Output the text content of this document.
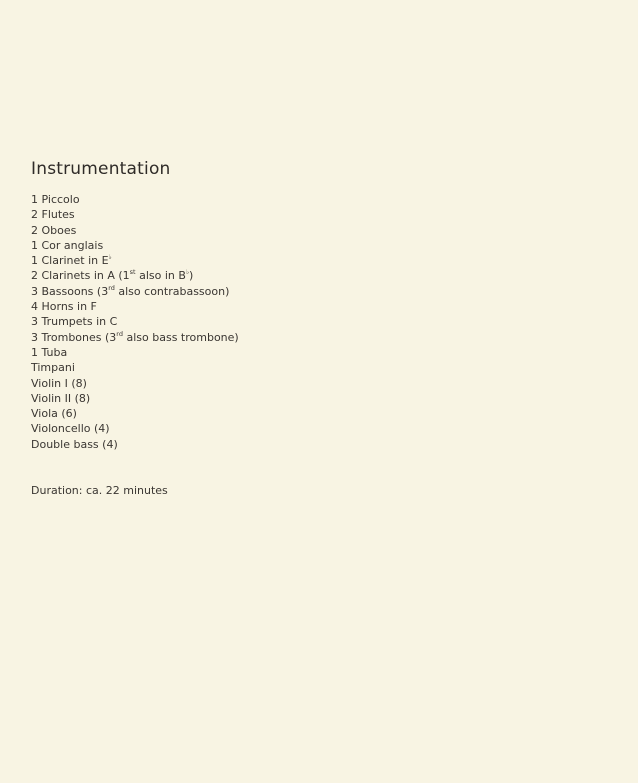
Instrumentation
1 Piccolo
2 Flutes
2 Oboes
1 Cor anglais
1 Clarinet in E♭
2 Clarinets in A (1st also in B♭)
3 Bassoons (3rd also contrabassoon)
4 Horns in F
3 Trumpets in C
3 Trombones (3rd also bass trombone)
1 Tuba
Timpani
Violin I (8)
Violin II (8)
Viola (6)
Violoncello (4)
Double bass (4)
Duration: ca. 22 minutes
